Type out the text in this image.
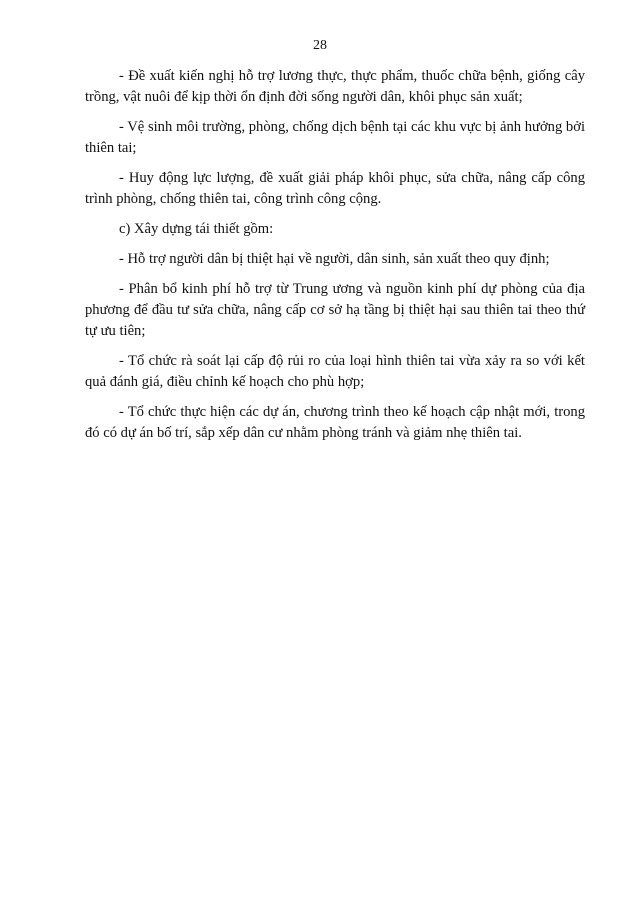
28

- Đề xuất kiến nghị hỗ trợ lương thực, thực phẩm, thuốc chữa bệnh, giống cây trồng, vật nuôi để kịp thời ổn định đời sống người dân, khôi phục sản xuất;

- Vệ sinh môi trường, phòng, chống dịch bệnh tại các khu vực bị ảnh hưởng bởi thiên tai;

- Huy động lực lượng, đề xuất giải pháp khôi phục, sửa chữa, nâng cấp công trình phòng, chống thiên tai, công trình công cộng.

c) Xây dựng tái thiết gồm:

- Hỗ trợ người dân bị thiệt hại về người, dân sinh, sản xuất theo quy định;

- Phân bổ kinh phí hỗ trợ từ Trung ương và nguồn kinh phí dự phòng của địa phương để đầu tư sửa chữa, nâng cấp cơ sở hạ tầng bị thiệt hại sau thiên tai theo thứ tự ưu tiên;

- Tổ chức rà soát lại cấp độ rủi ro của loại hình thiên tai vừa xảy ra so với kết quả đánh giá, điều chỉnh kế hoạch cho phù hợp;

- Tổ chức thực hiện các dự án, chương trình theo kế hoạch cập nhật mới, trong đó có dự án bố trí, sắp xếp dân cư nhằm phòng tránh và giảm nhẹ thiên tai.
